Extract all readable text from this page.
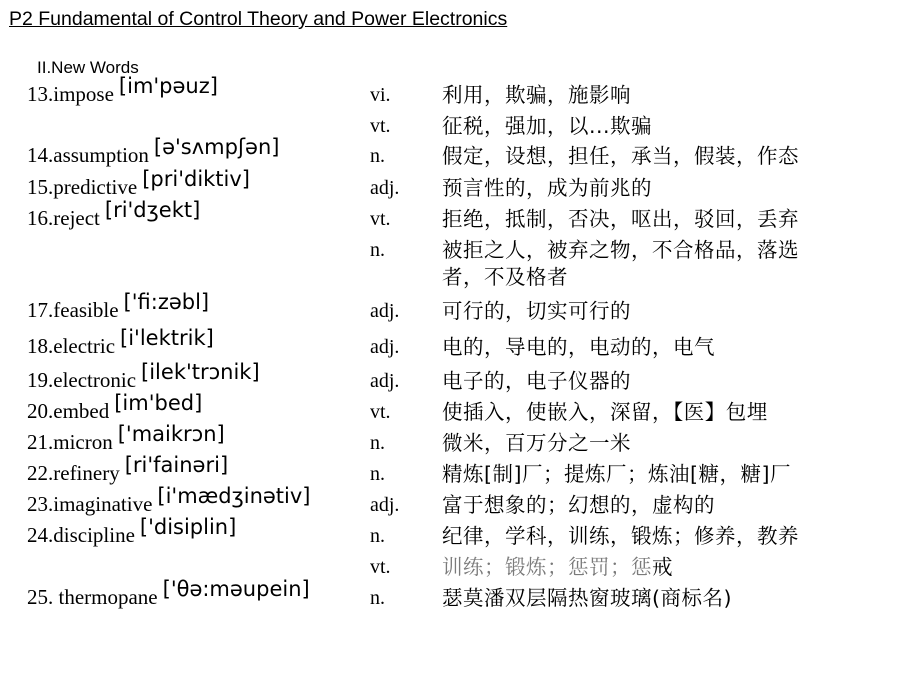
P2 Fundamental of Control Theory and Power Electronics
II.New Words
13.impose [im'pəuz]	vi.	利用，欺骗，施影响
vt.	征税，强加，以...欺骗
14.assumption [ə'sʌmpʃən]	n.	假定，设想，担任，承当，假装，作态
15.predictive [pri'diktiv]	adj. 预言性的，成为前兆的
16.reject [ri'dʒekt]	vt.	拒绝，抵制，否决，呕出，驳回，丢弃
n.	被拒之人，被弃之物，不合格品，落选
者，不及格者
17.feasible ['fi:zəbl]	adj. 可行的，切实可行的
18.electric [i'lektrik]	adj. 电的，导电的，电动的，电气
19.electronic [ilek'trɔnik]	adj. 电子的，电子仪器的
20.embed [im'bed]	vt.	使插入，使嵌入，深留，【医】包埋
21.micron ['maikrɔn]	n.	微米，百万分之一米
22.refinery [ri'fainəri]	n.	精炼[制]厂；提炼厂；炼油[糖，糖]厂
23.imaginative [i'mædʒinətiv]	adj. 富于想象的；幻想的，虚构的
24.discipline ['disiplin]	n.	纪律，学科，训练，锻炼；修养，教养
vt.	训练；锻炼；惩罚；惩戒
25. thermopane ['θə:məupein]	n.	瑟莫潘双层隔热窗玻璃(商标名)
